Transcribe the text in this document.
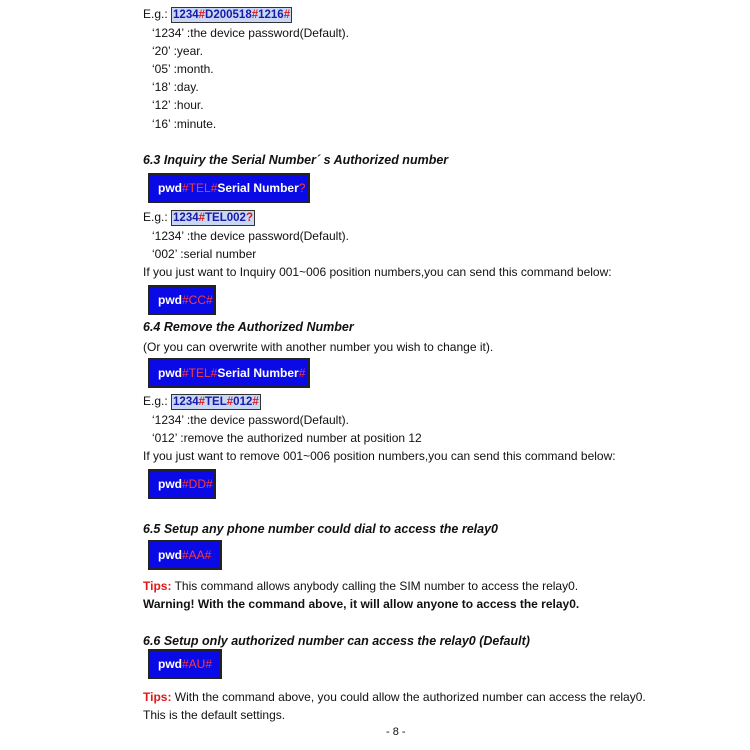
E.g.: 1234#D200518#1216#
‘1234’ :the device password(Default).
‘20’ :year.
‘05’ :month.
‘18’ :day.
‘12’ :hour.
‘16’ :minute.
6.3 Inquiry the Serial Number´ s Authorized number
pwd #TEL # Serial Number ?
E.g.: 1234#TEL002?
‘1234’ :the device password(Default).
‘002’ :serial number
If you just want to Inquiry 001~006 position numbers,you can send this command below:
pwd #CC#
6.4 Remove the Authorized Number
(Or you can overwrite with another number you wish to change it).
pwd #TEL# Serial Number #
E.g.: 1234#TEL#012#
‘1234’ :the device password(Default).
‘012’ :remove the authorized number at position 12
If you just want to remove 001~006 position numbers,you can send this command below:
pwd #DD#
6.5 Setup any phone number could dial to access the relay0
pwd #AA#
Tips: This command allows anybody calling the SIM number to access the relay0.
Warning! With the command above, it will allow anyone to access the relay0.
6.6 Setup only authorized number can access the relay0 (Default)
pwd #AU#
Tips: With the command above, you could allow the authorized number can access the relay0.
This is the default settings.
- 8 -
